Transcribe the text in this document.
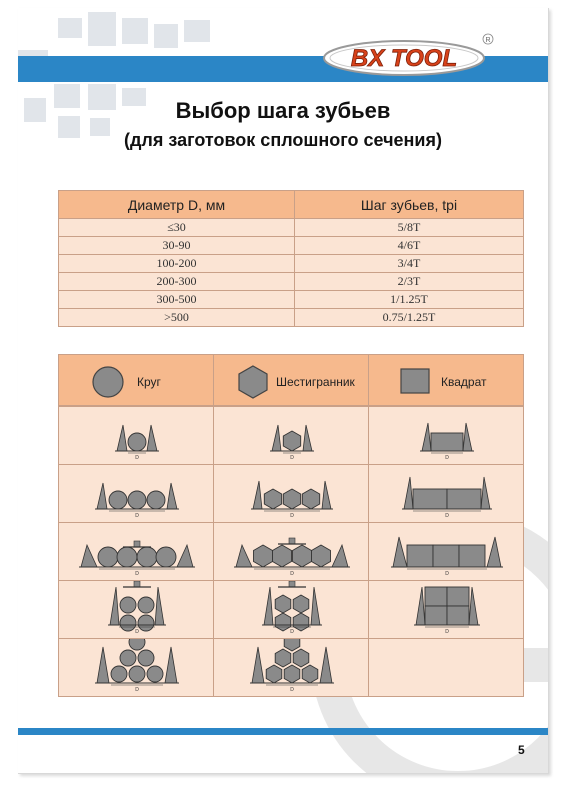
BX TOOL
R
Выбор шага зубьев
(для заготовок сплошного сечения)
Диаметр D, мм	Шаг зубьев, tpi
≤30	5/8T
30-90	4/6T
100-200	3/4T
200-300	2/3T
300-500	1/1.25T
>500	0.75/1.25T
Круг	Шестигранник	Квадрат
D	D	D
D	D	D
D	D	D
D	D	D
D	D
5
